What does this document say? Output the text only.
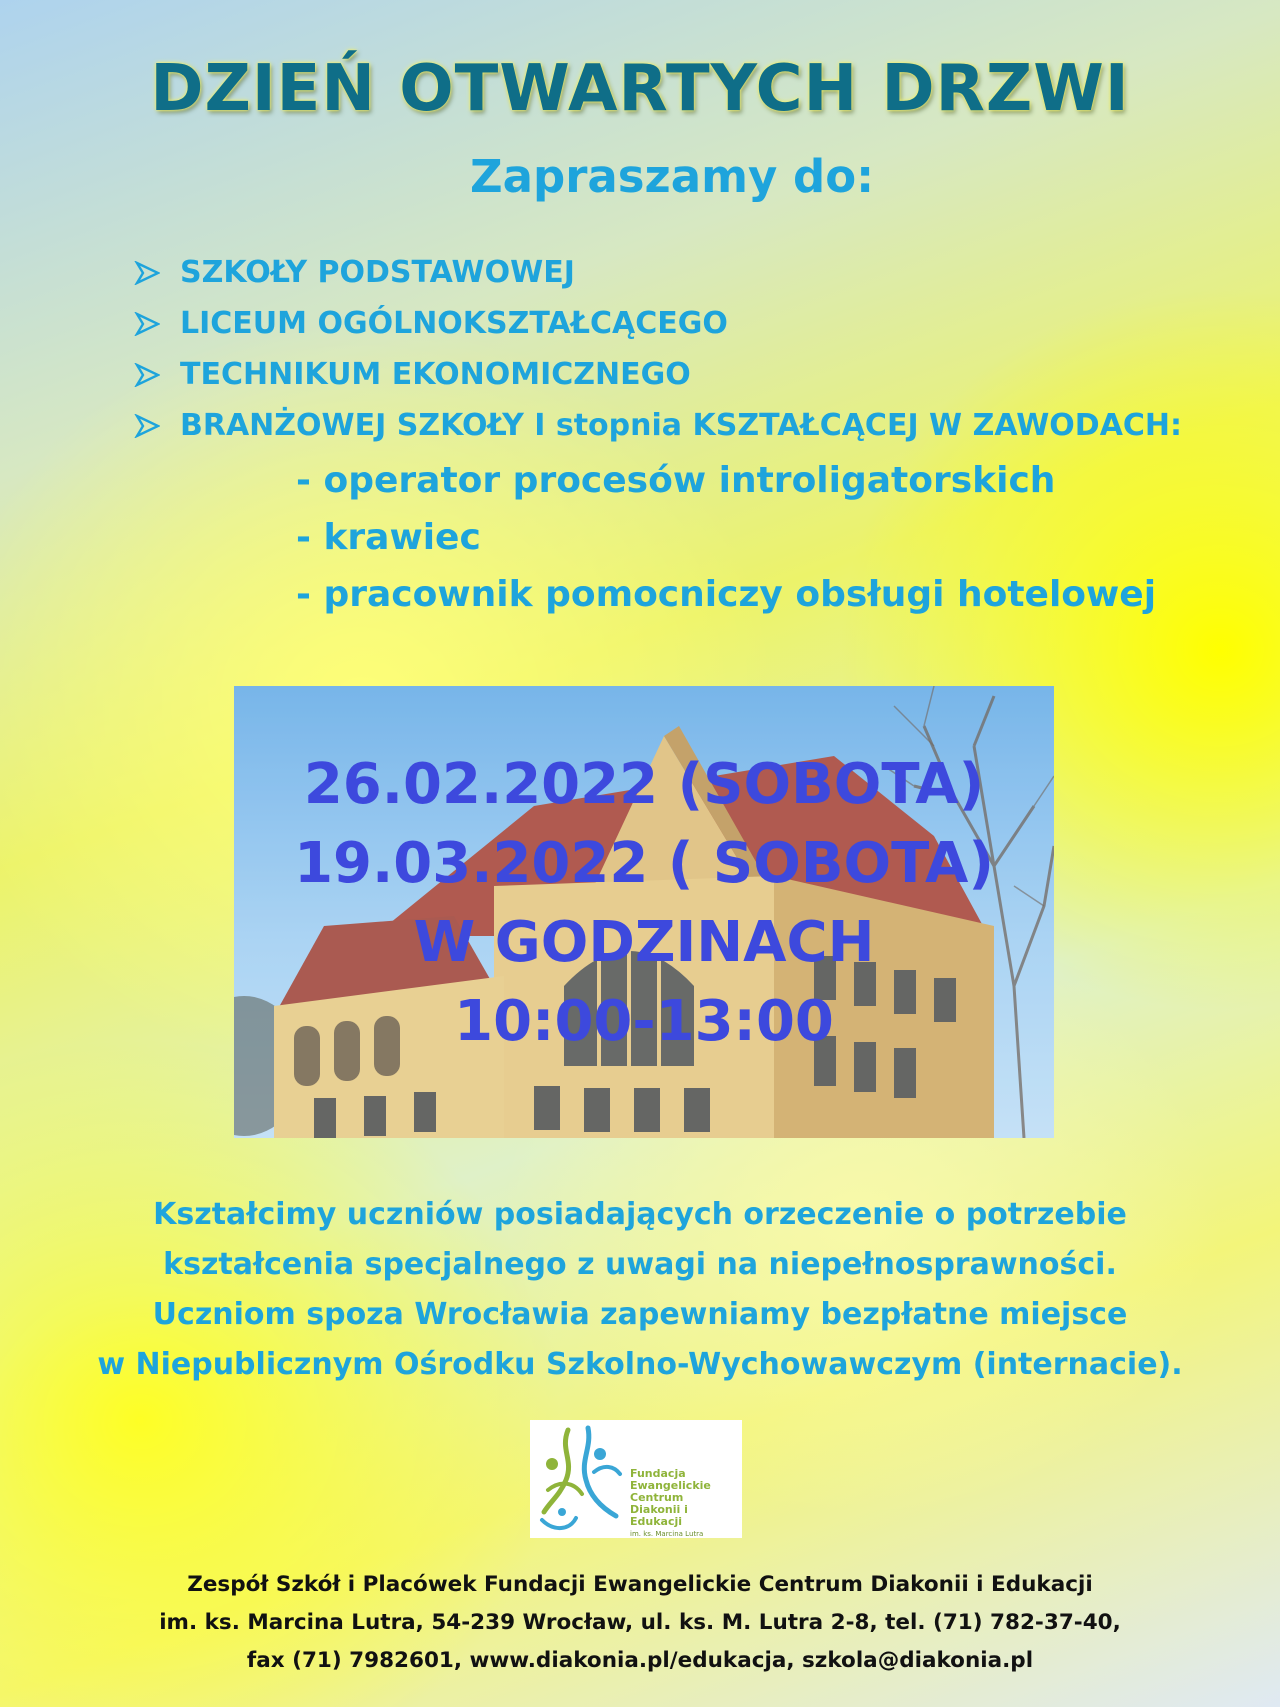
DZIEŃ OTWARTYCH DRZWI
Zapraszamy do:
SZKOŁY PODSTAWOWEJ
LICEUM OGÓLNOKSZTAŁCĄCEGO
TECHNIKUM EKONOMICZNEGO
BRANŻOWEJ SZKOŁY I stopnia KSZTAŁCĄCEJ W ZAWODACH:
- operator procesów introligatorskich
- krawiec
- pracownik pomocniczy obsługi hotelowej
26.02.2022 (SOBOTA)
19.03.2022 ( SOBOTA)
W GODZINACH
10:00-13:00
Kształcimy uczniów posiadających orzeczenie o potrzebie
kształcenia specjalnego z uwagi na niepełnosprawności.
Uczniom spoza Wrocławia zapewniamy bezpłatne miejsce
w Niepublicznym Ośrodku Szkolno-Wychowawczym (internacie).
Fundacja
Ewangelickie Centrum
Diakonii i Edukacji
im. ks. Marcina Lutra
Zespół Szkół i Placówek Fundacji Ewangelickie Centrum Diakonii i Edukacji
im. ks. Marcina Lutra, 54-239 Wrocław, ul. ks. M. Lutra 2-8, tel. (71) 782-37-40,
fax (71) 7982601, www.diakonia.pl/edukacja, szkola@diakonia.pl
